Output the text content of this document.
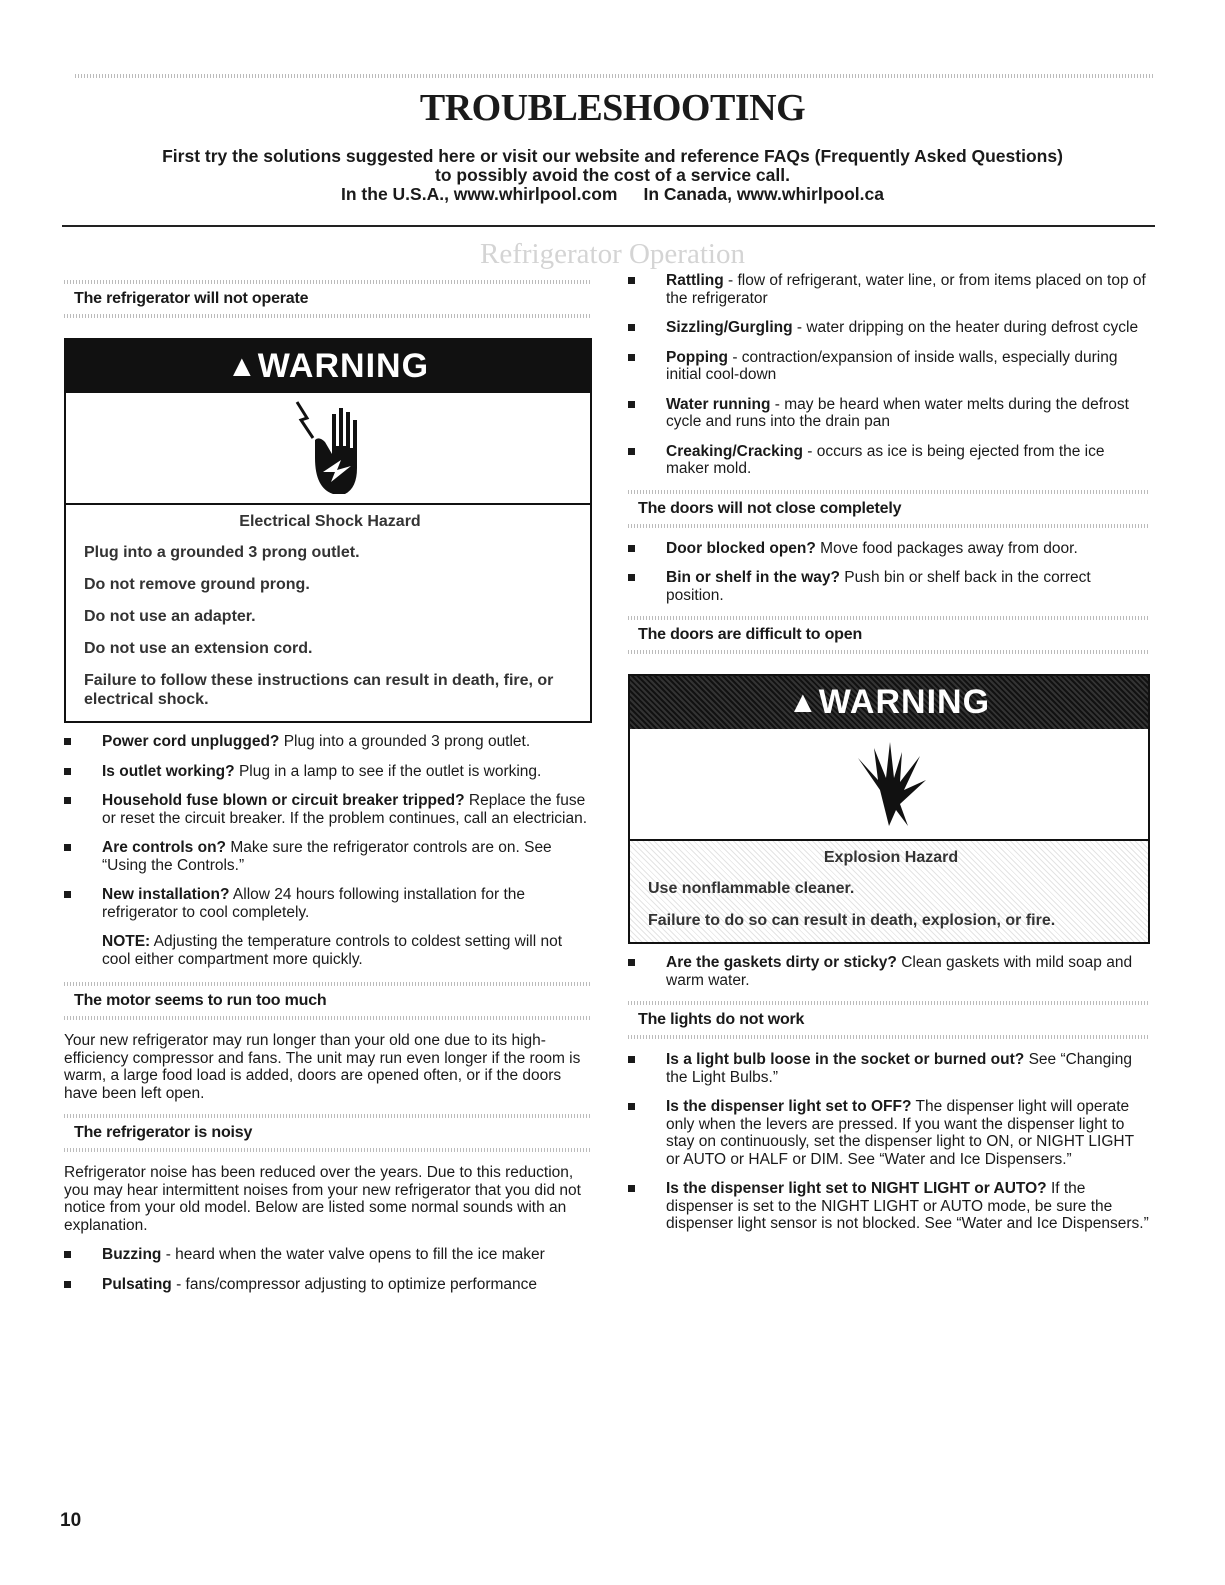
TROUBLESHOOTING
First try the solutions suggested here or visit our website and reference FAQs (Frequently Asked Questions)
to possibly avoid the cost of a service call.
In the U.S.A., www.whirlpool.com In Canada, www.whirlpool.ca
Refrigerator Operation
The refrigerator will not operate
▲WARNING
Electrical Shock Hazard

Plug into a grounded 3 prong outlet.

Do not remove ground prong.

Do not use an adapter.

Do not use an extension cord.

Failure to follow these instructions can result in death, fire, or electrical shock.

Power cord unplugged? Plug into a grounded 3 prong outlet.
Is outlet working? Plug in a lamp to see if the outlet is working.
Household fuse blown or circuit breaker tripped? Replace the fuse or reset the circuit breaker. If the problem continues, call an electrician.
Are controls on? Make sure the refrigerator controls are on. See “Using the Controls.”
New installation? Allow 24 hours following installation for the refrigerator to cool completely.
NOTE: Adjusting the temperature controls to coldest setting will not cool either compartment more quickly.
The motor seems to run too much
Your new refrigerator may run longer than your old one due to its high-efficiency compressor and fans. The unit may run even longer if the room is warm, a large food load is added, doors are opened often, or if the doors have been left open.
The refrigerator is noisy
Refrigerator noise has been reduced over the years. Due to this reduction, you may hear intermittent noises from your new refrigerator that you did not notice from your old model. Below are listed some normal sounds with an explanation.
Buzzing - heard when the water valve opens to fill the ice maker
Pulsating - fans/compressor adjusting to optimize performance
Rattling - flow of refrigerant, water line, or from items placed on top of the refrigerator
Sizzling/Gurgling - water dripping on the heater during defrost cycle
Popping - contraction/expansion of inside walls, especially during initial cool-down
Water running - may be heard when water melts during the defrost cycle and runs into the drain pan
Creaking/Cracking - occurs as ice is being ejected from the ice maker mold.
The doors will not close completely
Door blocked open? Move food packages away from door.
Bin or shelf in the way? Push bin or shelf back in the correct position.
The doors are difficult to open
▲WARNING
Explosion Hazard

Use nonflammable cleaner.

Failure to do so can result in death, explosion, or fire.

Are the gaskets dirty or sticky? Clean gaskets with mild soap and warm water.
The lights do not work
Is a light bulb loose in the socket or burned out? See “Changing the Light Bulbs.”
Is the dispenser light set to OFF? The dispenser light will operate only when the levers are pressed. If you want the dispenser light to stay on continuously, set the dispenser light to ON, or NIGHT LIGHT or AUTO or HALF or DIM. See “Water and Ice Dispensers.”
Is the dispenser light set to NIGHT LIGHT or AUTO? If the dispenser is set to the NIGHT LIGHT or AUTO mode, be sure the dispenser light sensor is not blocked. See “Water and Ice Dispensers.”
10
